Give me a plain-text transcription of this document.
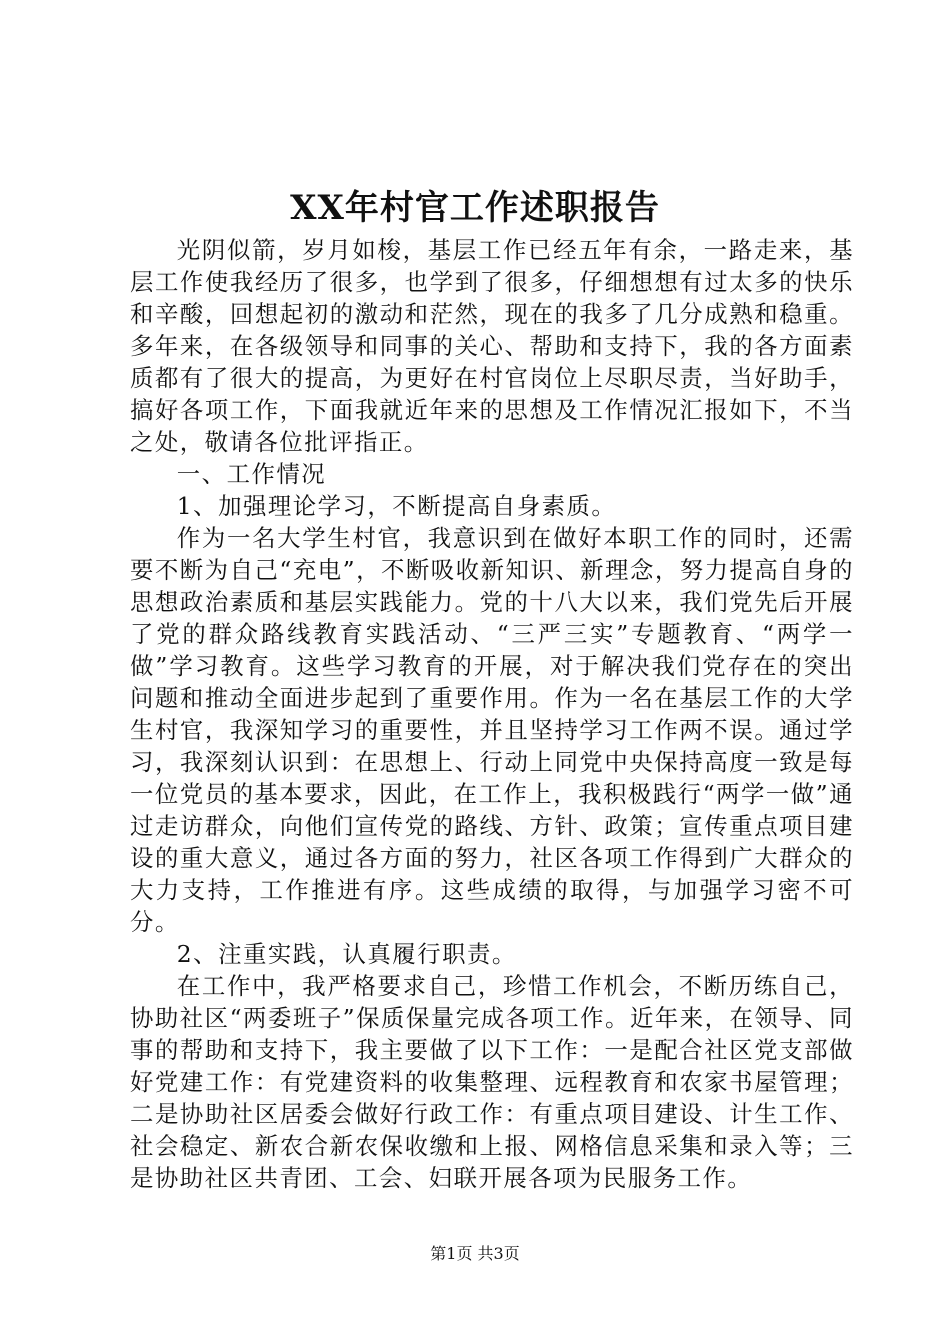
XX年村官工作述职报告

光阴似箭，岁月如梭，基层工作已经五年有余，一路走来，基层工作使我经历了很多，也学到了很多，仔细想想有过太多的快乐和辛酸，回想起初的激动和茫然，现在的我多了几分成熟和稳重。多年来，在各级领导和同事的关心、帮助和支持下，我的各方面素质都有了很大的提高，为更好在村官岗位上尽职尽责，当好助手，搞好各项工作，下面我就近年来的思想及工作情况汇报如下，不当之处，敬请各位批评指正。

一、工作情况

1、加强理论学习，不断提高自身素质。

作为一名大学生村官，我意识到在做好本职工作的同时，还需要不断为自己“充电”，不断吸收新知识、新理念，努力提高自身的思想政治素质和基层实践能力。党的十八大以来，我们党先后开展了党的群众路线教育实践活动、“三严三实”专题教育、“两学一做”学习教育。这些学习教育的开展，对于解决我们党存在的突出问题和推动全面进步起到了重要作用。作为一名在基层工作的大学生村官，我深知学习的重要性，并且坚持学习工作两不误。通过学习，我深刻认识到：在思想上、行动上同党中央保持高度一致是每一位党员的基本要求，因此，在工作上，我积极践行“两学一做”通过走访群众，向他们宣传党的路线、方针、政策；宣传重点项目建设的重大意义，通过各方面的努力，社区各项工作得到广大群众的大力支持，工作推进有序。这些成绩的取得，与加强学习密不可分。

2、注重实践，认真履行职责。

在工作中，我严格要求自己，珍惜工作机会，不断历练自己，协助社区“两委班子”保质保量完成各项工作。近年来，在领导、同事的帮助和支持下，我主要做了以下工作：一是配合社区党支部做好党建工作：有党建资料的收集整理、远程教育和农家书屋管理；二是协助社区居委会做好行政工作：有重点项目建设、计生工作、社会稳定、新农合新农保收缴和上报、网格信息采集和录入等；三是协助社区共青团、工会、妇联开展各项为民服务工作。

第1页 共3页
